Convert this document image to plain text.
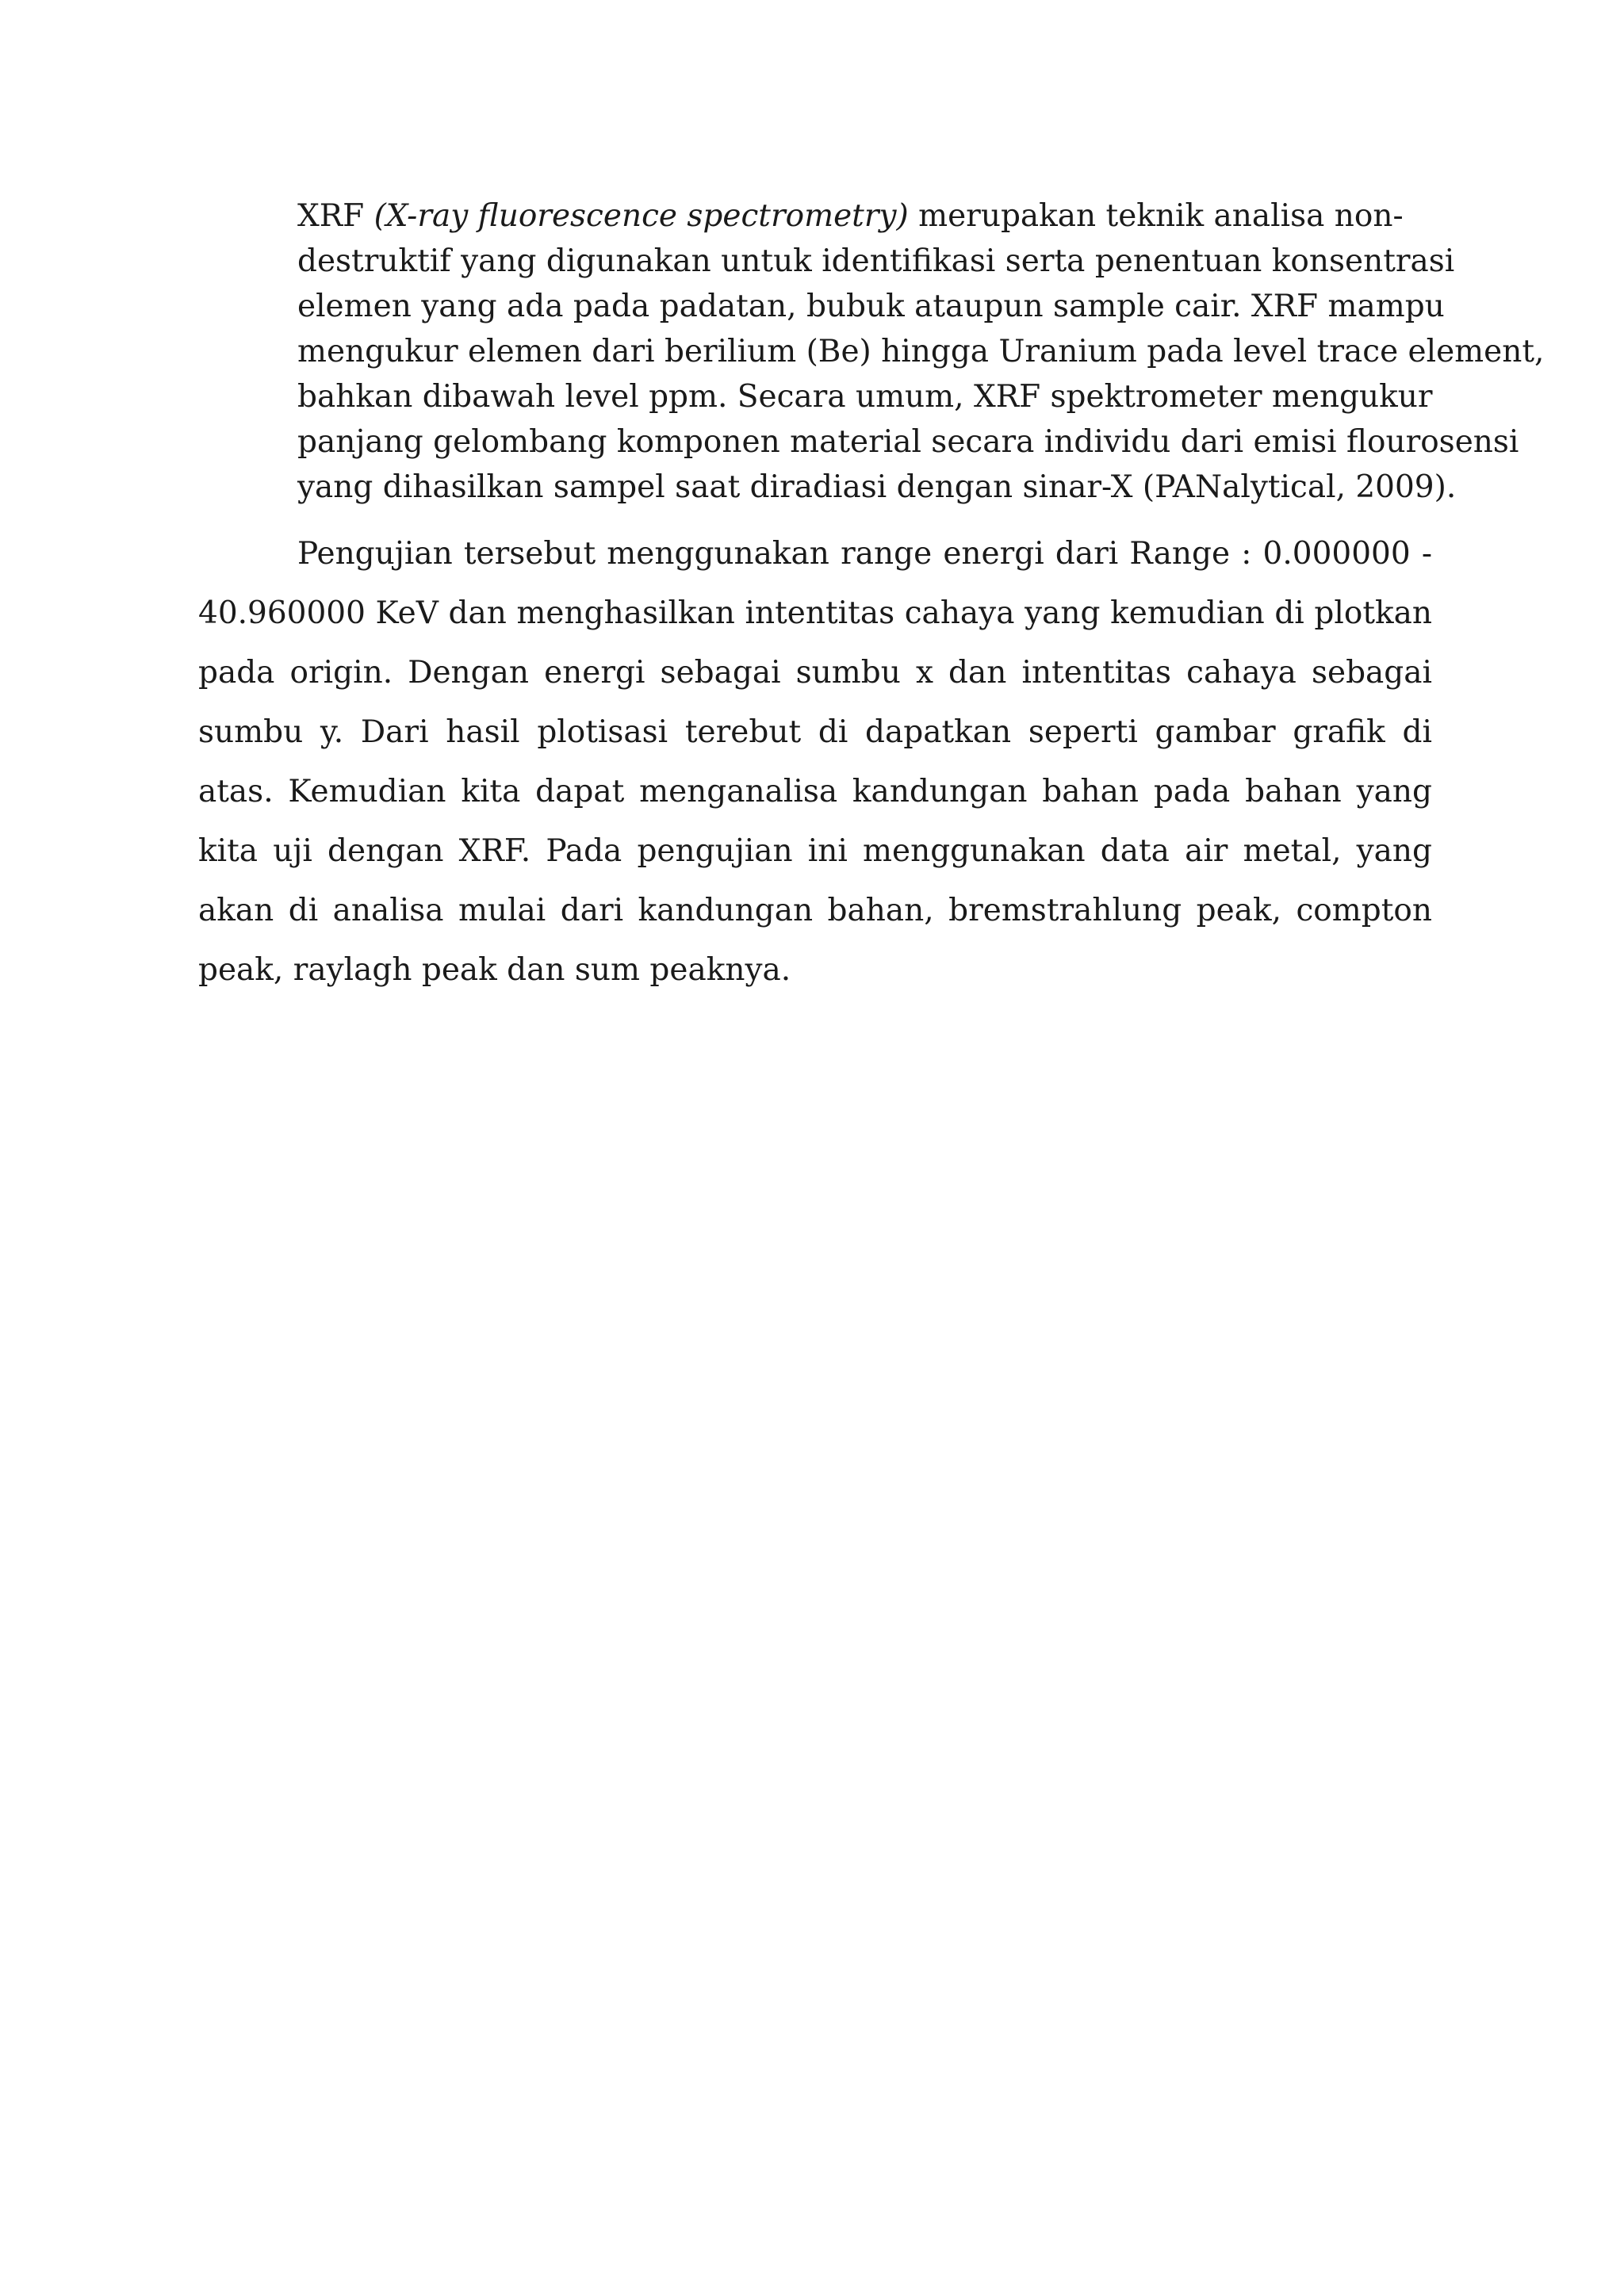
XRF (X-ray fluorescence spectrometry) merupakan teknik analisa non-
destruktif yang digunakan untuk identifikasi serta penentuan konsentrasi
elemen yang ada pada padatan, bubuk ataupun sample cair. XRF mampu
mengukur elemen dari berilium (Be) hingga Uranium pada level trace element,
bahkan dibawah level ppm. Secara umum, XRF spektrometer mengukur
panjang gelombang komponen material secara individu dari emisi flourosensi
yang dihasilkan sampel saat diradiasi dengan sinar-X (PANalytical, 2009).

Pengujian tersebut menggunakan range energi dari Range : 0.000000 - 40.960000 KeV dan menghasilkan intentitas cahaya yang kemudian di plotkan pada origin. Dengan energi sebagai sumbu x dan intentitas cahaya sebagai sumbu y. Dari hasil plotisasi terebut di dapatkan seperti gambar grafik di atas. Kemudian kita dapat menganalisa kandungan bahan pada bahan yang kita uji dengan XRF. Pada pengujian ini menggunakan data air metal, yang akan di analisa mulai dari kandungan bahan, bremstrahlung peak, compton peak, raylagh peak dan sum peaknya.
